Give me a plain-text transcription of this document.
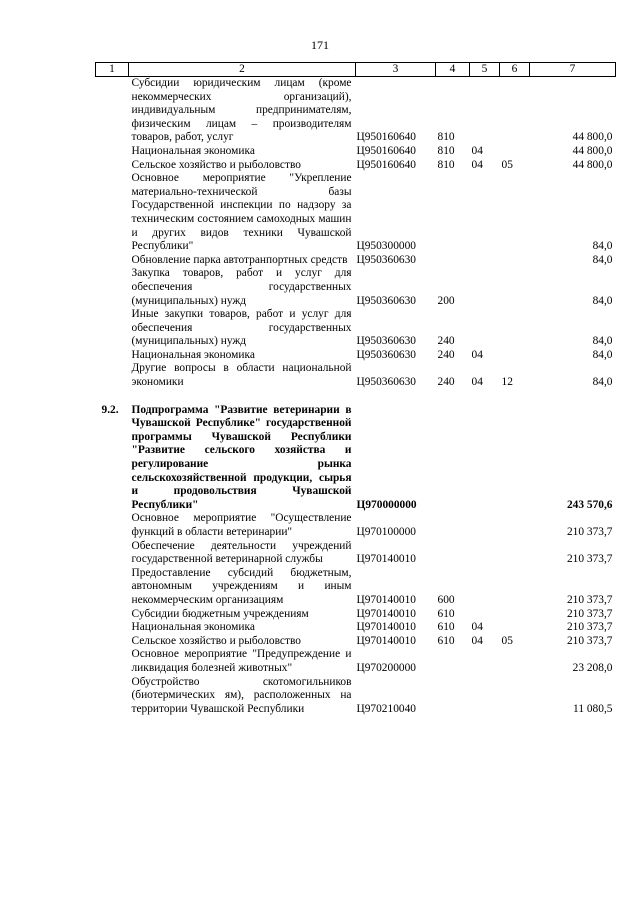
171
1	2	3	4	5	6	7
	Субсидии юридическим лицам (кроме некоммерческих организаций), индивидуальным предпринимателям, физическим лицам – производителям товаров, работ, услуг	Ц950160640	810			44 800,0
	Национальная экономика	Ц950160640	810	04		44 800,0
	Сельское хозяйство и рыболовство	Ц950160640	810	04	05	44 800,0
	Основное мероприятие "Укрепление материально-технической базы Государственной инспекции по надзору за техническим состоянием самоходных машин и других видов техники Чувашской Республики"	Ц950300000				84,0
	Обновление парка автотранпортных средств	Ц950360630				84,0
	Закупка товаров, работ и услуг для обеспечения государственных (муниципальных) нужд	Ц950360630	200			84,0
	Иные закупки товаров, работ и услуг для обеспечения государственных (муниципальных) нужд	Ц950360630	240			84,0
	Национальная экономика	Ц950360630	240	04		84,0
	Другие вопросы в области национальной экономики	Ц950360630	240	04	12	84,0

9.2.	Подпрограмма "Развитие ветеринарии в Чувашской Республике" государственной программы Чувашской Республики "Развитие сельского хозяйства и регулирование рынка сельскохозяйственной продукции, сырья и продовольствия Чувашской Республики"	Ц970000000				243 570,6
	Основное мероприятие "Осуществление функций в области ветеринарии"	Ц970100000				210 373,7
	Обеспечение деятельности учреждений государственной ветеринарной службы	Ц970140010				210 373,7
	Предоставление субсидий бюджетным, автономным учреждениям и иным некоммерческим организациям	Ц970140010	600			210 373,7
	Субсидии бюджетным учреждениям	Ц970140010	610			210 373,7
	Национальная экономика	Ц970140010	610	04		210 373,7
	Сельское хозяйство и рыболовство	Ц970140010	610	04	05	210 373,7
	Основное мероприятие "Предупреждение и ликвидация болезней животных"	Ц970200000				23 208,0
	Обустройство скотомогильников (биотермических ям), расположенных на территории Чувашской Республики	Ц970210040				11 080,5
